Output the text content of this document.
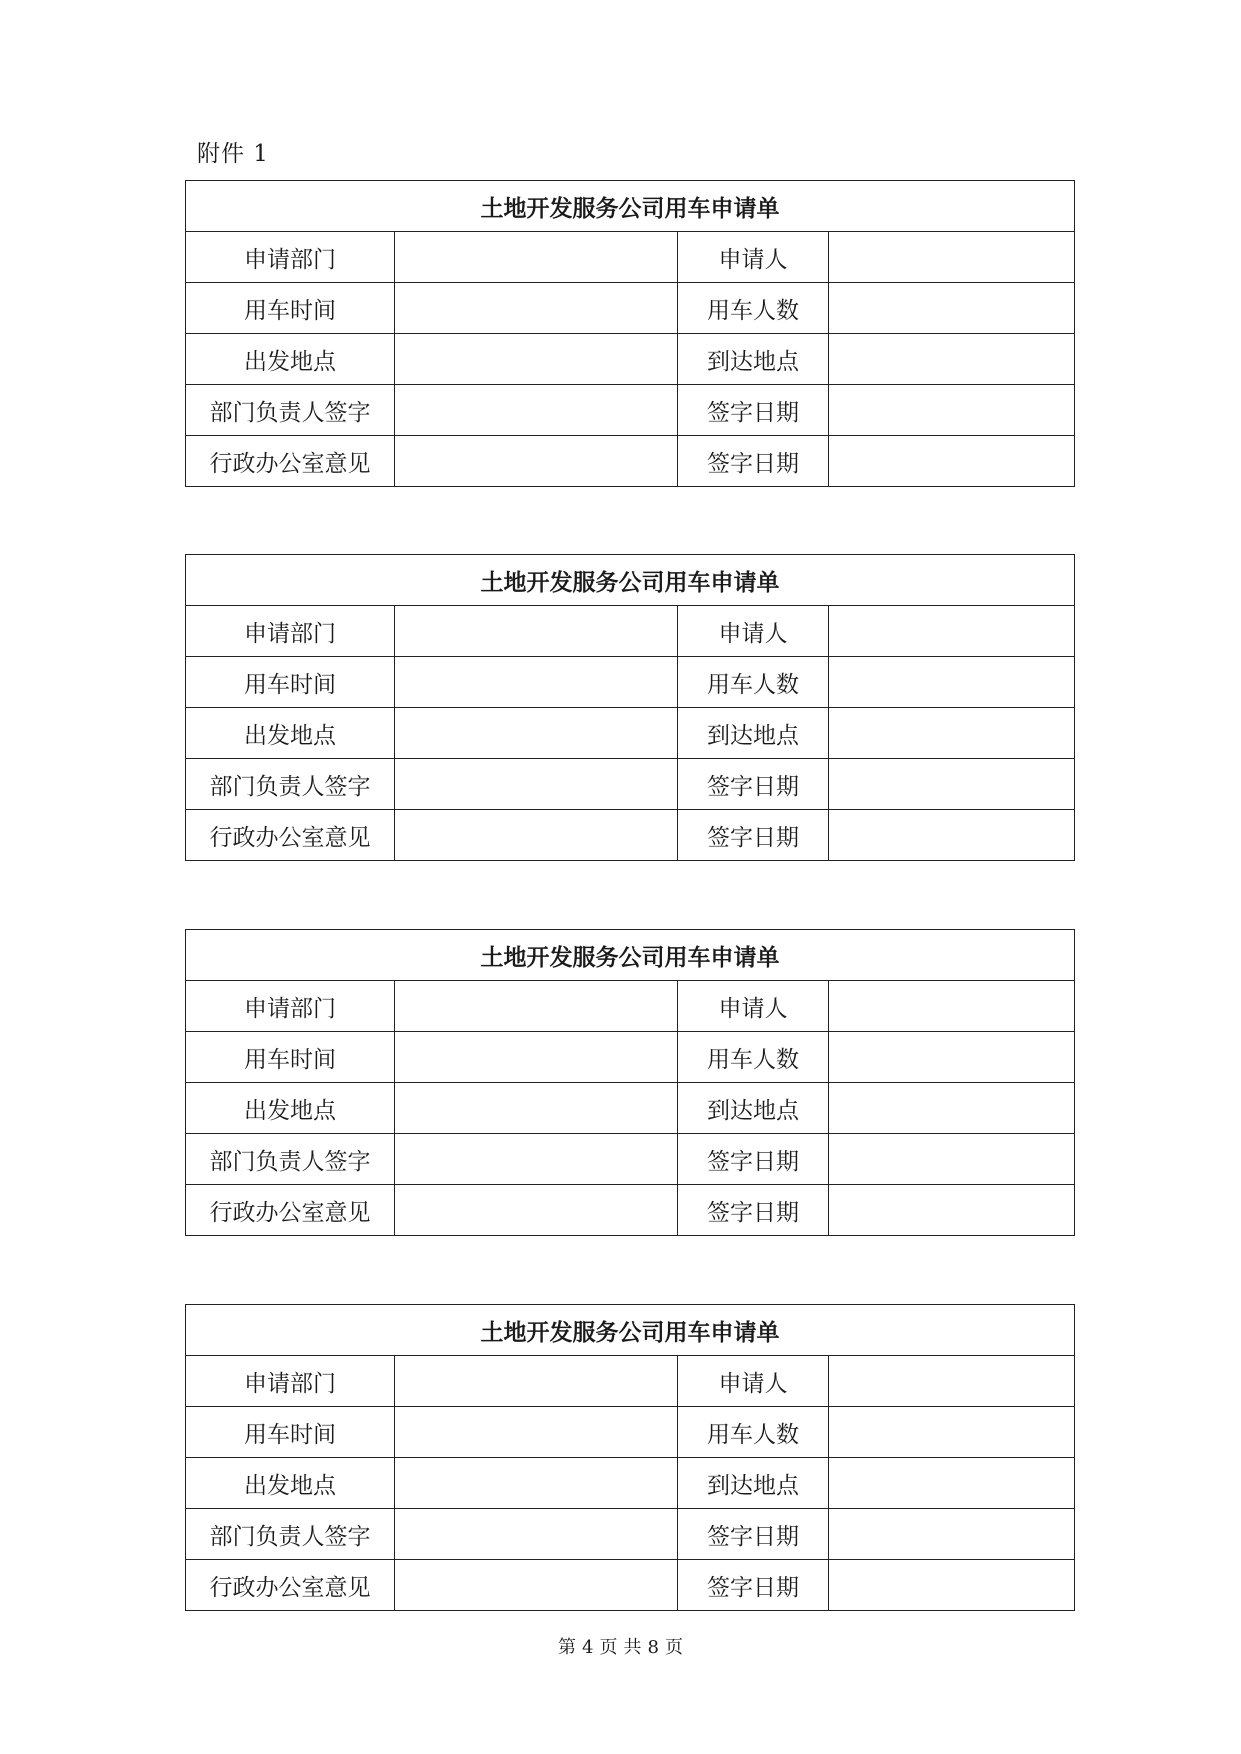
附件 1
土地开发服务公司用车申请单			
申请部门		申请人	
用车时间		用车人数	
出发地点		到达地点	
部门负责人签字		签字日期	
行政办公室意见		签字日期	
土地开发服务公司用车申请单			
申请部门		申请人	
用车时间		用车人数	
出发地点		到达地点	
部门负责人签字		签字日期	
行政办公室意见		签字日期	
土地开发服务公司用车申请单			
申请部门		申请人	
用车时间		用车人数	
出发地点		到达地点	
部门负责人签字		签字日期	
行政办公室意见		签字日期	
土地开发服务公司用车申请单			
申请部门		申请人	
用车时间		用车人数	
出发地点		到达地点	
部门负责人签字		签字日期	
行政办公室意见		签字日期	
第 4 页 共 8 页
